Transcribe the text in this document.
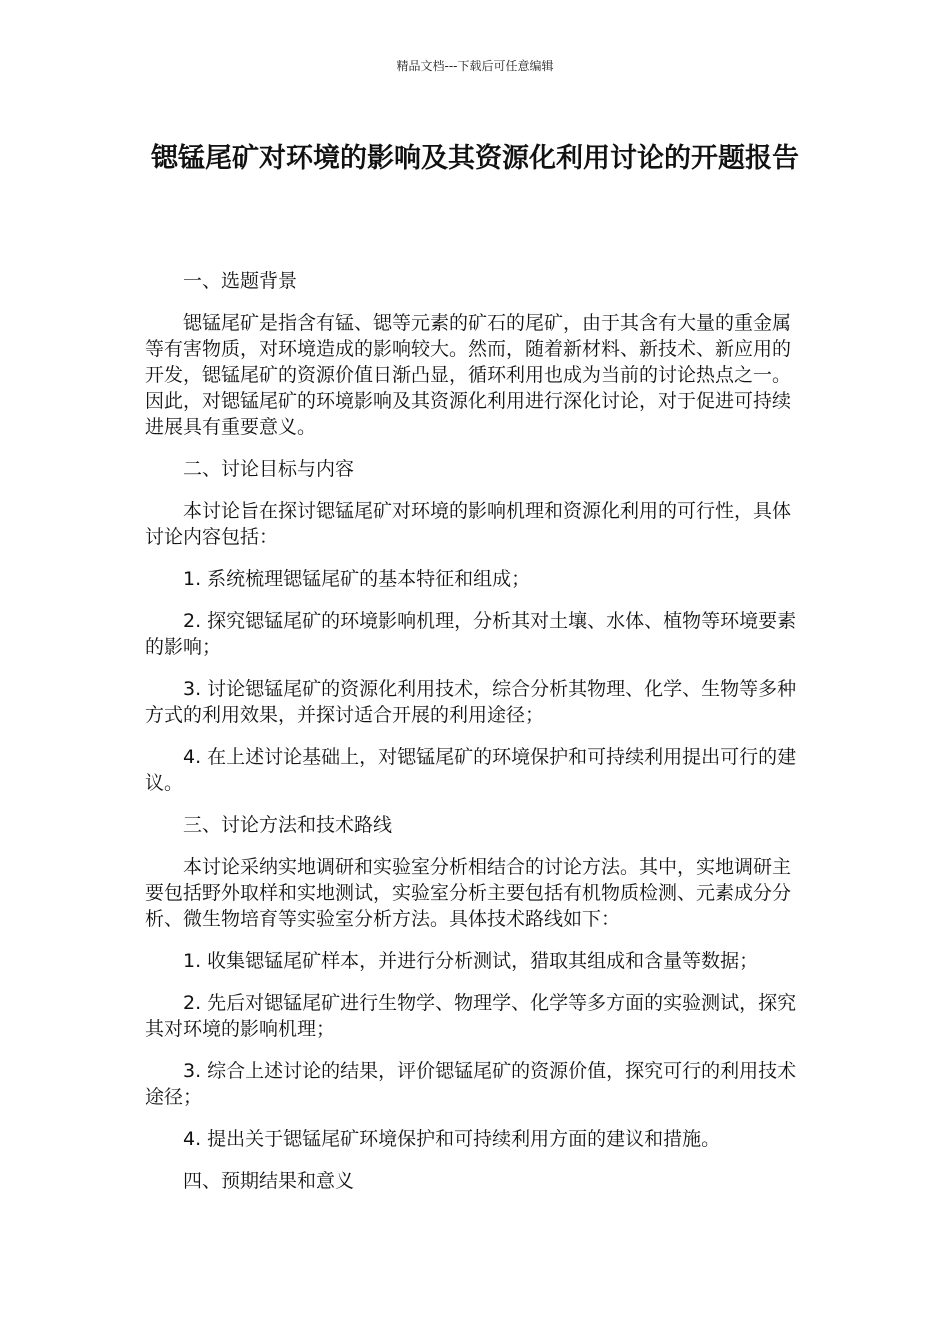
精品文档---下载后可任意编辑
锶锰尾矿对环境的影响及其资源化利用讨论的开题报告

一、选题背景

锶锰尾矿是指含有锰、锶等元素的矿石的尾矿，由于其含有大量的重金属等有害物质，对环境造成的影响较大。然而，随着新材料、新技术、新应用的开发，锶锰尾矿的资源价值日渐凸显，循环利用也成为当前的讨论热点之一。因此，对锶锰尾矿的环境影响及其资源化利用进行深化讨论，对于促进可持续进展具有重要意义。

二、讨论目标与内容

本讨论旨在探讨锶锰尾矿对环境的影响机理和资源化利用的可行性，具体讨论内容包括：

1. 系统梳理锶锰尾矿的基本特征和组成；

2. 探究锶锰尾矿的环境影响机理，分析其对土壤、水体、植物等环境要素的影响；

3. 讨论锶锰尾矿的资源化利用技术，综合分析其物理、化学、生物等多种方式的利用效果，并探讨适合开展的利用途径；

4. 在上述讨论基础上，对锶锰尾矿的环境保护和可持续利用提出可行的建议。

三、讨论方法和技术路线

本讨论采纳实地调研和实验室分析相结合的讨论方法。其中，实地调研主要包括野外取样和实地测试，实验室分析主要包括有机物质检测、元素成分分析、微生物培育等实验室分析方法。具体技术路线如下：

1. 收集锶锰尾矿样本，并进行分析测试，猎取其组成和含量等数据；

2. 先后对锶锰尾矿进行生物学、物理学、化学等多方面的实验测试，探究其对环境的影响机理；

3. 综合上述讨论的结果，评价锶锰尾矿的资源价值，探究可行的利用技术途径；

4. 提出关于锶锰尾矿环境保护和可持续利用方面的建议和措施。

四、预期结果和意义
